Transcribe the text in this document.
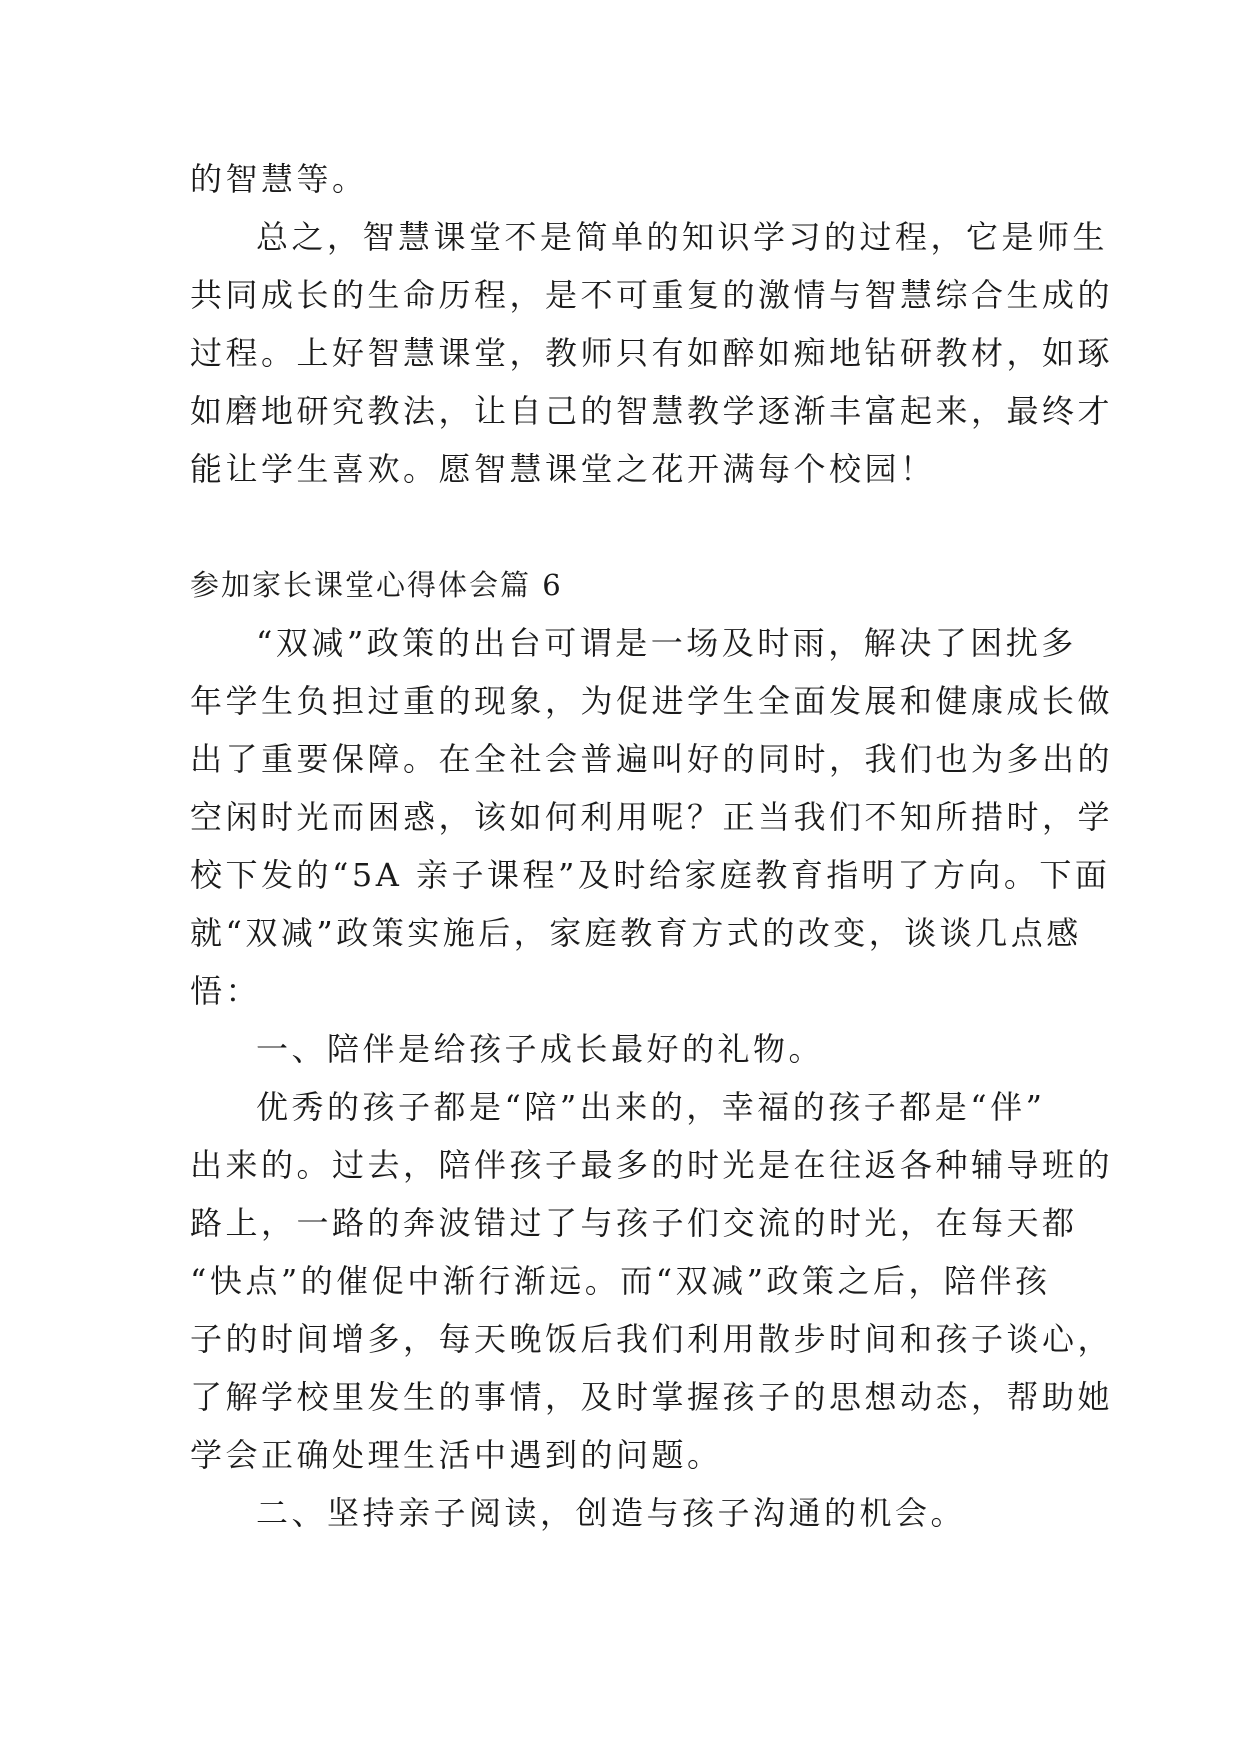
的智慧等。
总之，智慧课堂不是简单的知识学习的过程，它是师生
共同成长的生命历程，是不可重复的激情与智慧综合生成的
过程。上好智慧课堂，教师只有如醉如痴地钻研教材，如琢
如磨地研究教法，让自己的智慧教学逐渐丰富起来，最终才
能让学生喜欢。愿智慧课堂之花开满每个校园！
参加家长课堂心得体会篇 6
“双减”政策的出台可谓是一场及时雨，解决了困扰多
年学生负担过重的现象，为促进学生全面发展和健康成长做
出了重要保障。在全社会普遍叫好的同时，我们也为多出的
空闲时光而困惑，该如何利用呢？正当我们不知所措时，学
校下发的“5A 亲子课程”及时给家庭教育指明了方向。下面
就“双减”政策实施后，家庭教育方式的改变，谈谈几点感
悟：
一、陪伴是给孩子成长最好的礼物。
优秀的孩子都是“陪”出来的，幸福的孩子都是“伴”
出来的。过去，陪伴孩子最多的时光是在往返各种辅导班的
路上，一路的奔波错过了与孩子们交流的时光，在每天都
“快点”的催促中渐行渐远。而“双减”政策之后，陪伴孩
子的时间增多，每天晚饭后我们利用散步时间和孩子谈心，
了解学校里发生的事情，及时掌握孩子的思想动态，帮助她
学会正确处理生活中遇到的问题。
二、坚持亲子阅读，创造与孩子沟通的机会。
